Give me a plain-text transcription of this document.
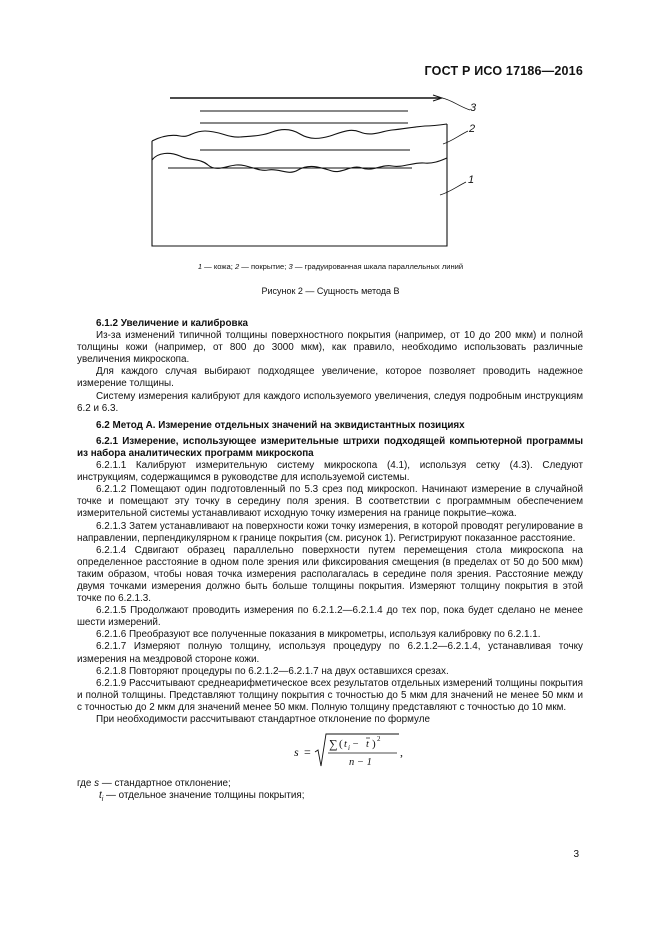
ГОСТ Р ИСО 17186—2016
3
2
1
1 — кожа; 2 — покрытие; 3 — градуированная шкала параллельных линий
Рисунок 2 — Сущность метода B

6.1.2 Увеличение и калибровка

Из-за изменений типичной толщины поверхностного покрытия (например, от 10 до 200 мкм) и полной толщины кожи (например, от 800 до 3000 мкм), как правило, необходимо использовать различные увеличения микроскопа.

Для каждого случая выбирают подходящее увеличение, которое позволяет проводить надежное измерение толщины.

Систему измерения калибруют для каждого используемого увеличения, следуя подробным инструкциям 6.2 и 6.3.

6.2 Метод А. Измерение отдельных значений на эквидистантных позициях

6.2.1 Измерение, использующее измерительные штрихи подходящей компьютерной программы из набора аналитических программ микроскопа

6.2.1.1 Калибруют измерительную систему микроскопа (4.1), используя сетку (4.3). Следуют инструкциям, содержащимся в руководстве для используемой системы.

6.2.1.2 Помещают один подготовленный по 5.3 срез под микроскоп. Начинают измерение в случайной точке и помещают эту точку в середину поля зрения. В соответствии с программным обеспечением измерительной системы устанавливают исходную точку измерения на границе покрытие–кожа.

6.2.1.3 Затем устанавливают на поверхности кожи точку измерения, в которой проводят регулирование в направлении, перпендикулярном к границе покрытия (см. рисунок 1). Регистрируют показанное расстояние.

6.2.1.4 Сдвигают образец параллельно поверхности путем перемещения стола микроскопа на определенное расстояние в одном поле зрения или фиксирования смещения (в пределах от 50 до 500 мкм) таким образом, чтобы новая точка измерения располагалась в середине поля зрения. Расстояние между двумя точками измерения должно быть больше толщины покрытия. Измеряют толщину покрытия в этой точке по 6.2.1.3.

6.2.1.5 Продолжают проводить измерения по 6.2.1.2—6.2.1.4 до тех пор, пока будет сделано не менее шести измерений.

6.2.1.6 Преобразуют все полученные показания в микрометры, используя калибровку по 6.2.1.1.

6.2.1.7 Измеряют полную толщину, используя процедуру по 6.2.1.2—6.2.1.4, устанавливая точку измерения на мездровой стороне кожи.

6.2.1.8 Повторяют процедуры по 6.2.1.2—6.2.1.7 на двух оставшихся срезах.

6.2.1.9 Рассчитывают среднеарифметическое всех результатов отдельных измерений толщины покрытия и полной толщины. Представляют толщину покрытия с точностью до 5 мкм для значений не менее 50 мкм и с точностью до 2 мкм для значений менее 50 мкм. Полную толщину представляют с точностью до 10 мкм.

При необходимости рассчитывают стандартное отклонение по формуле

s =
∑ ( t i − t ) 2
n − 1
,

где s — стандартное отклонение;

$t_i$ — отдельное значение толщины покрытия;

3
